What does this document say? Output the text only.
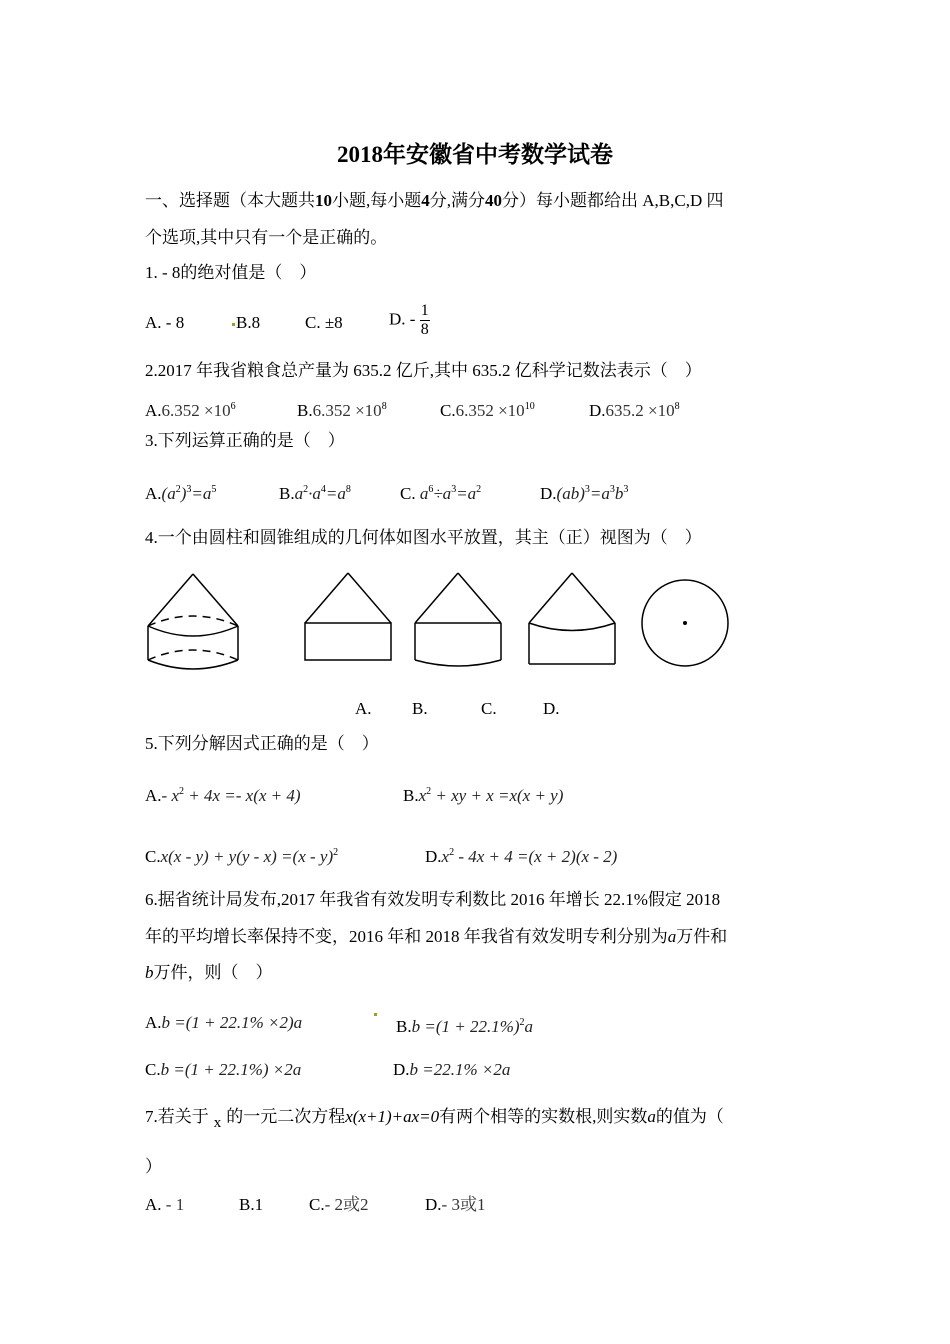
2018年安徽省中考数学试卷
一、选择题（本大题共10小题,每小题4分,满分40分）每小题都给出 A,B,C,D 四
个选项,其中只有一个是正确的。
1. - 8的绝对值是（　）
A. - 8	B.8	C. ±8	D. - $\frac{1}{8}$
2.2017 年我省粮食总产量为 635.2 亿斤,其中 635.2 亿科学记数法表示（　）
$A.6.352 \times 10^6$	$B.6.352 \times 10^8$	$C.6.352 \times 10^{10}$	$D.635.2 \times 10^8$
3.下列运算正确的是（　）
$A.(a^2)^3=a^5$	$B.a^2\cdot a^4=a^8$	C. $a^6\div a^3=a^2$	$D.(ab)^3=a^3b^3$
4.一个由圆柱和圆锥组成的几何体如图水平放置，其主（正）视图为（　）
A. B.	C.	D.
5.下列分解因式正确的是（　）
A.- $x^2 + 4x =- x(x + 4)$	$B.x^2$ + xy + x =x(x + y)
C.x(x - y) + y(y - x) =(x - y)$^2$	$D.x^2 - 4x + 4 =(x + 2)(x - 2)$
6.据省统计局发布,2017 年我省有效发明专利数比 2016 年增长 22.1%假定 2018
年的平均增长率保持不变，2016 年和 2018 年我省有效发明专利分别为a万件和
b万件，则（　）
A.b =(1 + 22.1% ×2)a	$B.b =(1 + 22.1\%)^2a$
C.b =(1 + 22.1%) ×2a	D.b =22.1% ×2a
7.若关于 x 的一元二次方程x(x+1)+ax=0有两个相等的实数根,则实数a的值为（
）
A. - 1	B.1	C.- 2或2	D.- 3或1
